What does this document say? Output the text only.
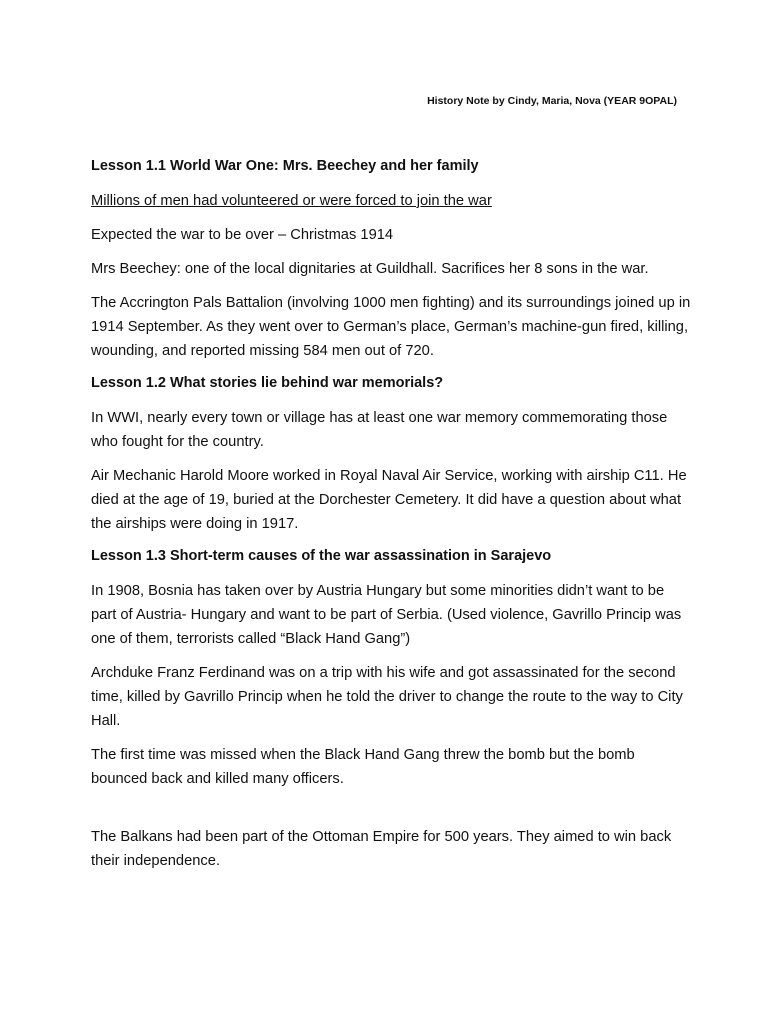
History Note by Cindy, Maria, Nova (YEAR 9OPAL)
Lesson 1.1 World War One: Mrs. Beechey and her family

Millions of men had volunteered or were forced to join the war

Expected the war to be over – Christmas 1914

Mrs Beechey: one of the local dignitaries at Guildhall. Sacrifices her 8 sons in the war.

The Accrington Pals Battalion (involving 1000 men fighting) and its surroundings joined up in 1914 September. As they went over to German’s place, German’s machine-gun fired, killing, wounding, and reported missing 584 men out of 720.

Lesson 1.2 What stories lie behind war memorials?

In WWI, nearly every town or village has at least one war memory commemorating those who fought for the country.

Air Mechanic Harold Moore worked in Royal Naval Air Service, working with airship C11. He died at the age of 19, buried at the Dorchester Cemetery. It did have a question about what the airships were doing in 1917.

Lesson 1.3 Short-term causes of the war assassination in Sarajevo

In 1908, Bosnia has taken over by Austria Hungary but some minorities didn’t want to be part of Austria- Hungary and want to be part of Serbia. (Used violence, Gavrillo Princip was one of them, terrorists called “Black Hand Gang”)

Archduke Franz Ferdinand was on a trip with his wife and got assassinated for the second time, killed by Gavrillo Princip when he told the driver to change the route to the way to City Hall.

The first time was missed when the Black Hand Gang threw the bomb but the bomb bounced back and killed many officers.

The Balkans had been part of the Ottoman Empire for 500 years. They aimed to win back their independence.
